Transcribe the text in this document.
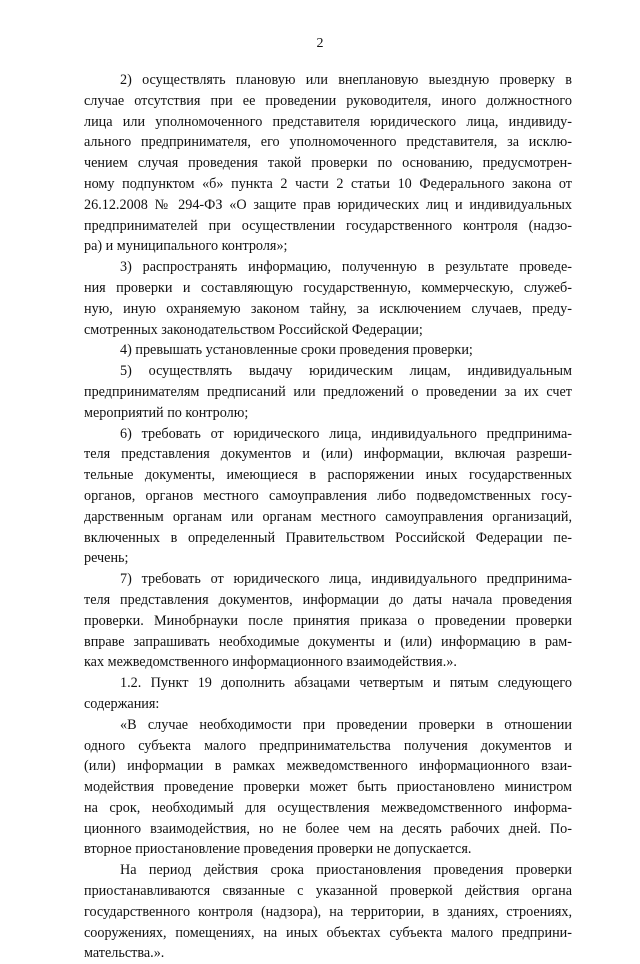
2
2) осуществлять плановую или внеплановую выездную проверку в
случае отсутствия при ее проведении руководителя, иного должностного
лица или уполномоченного представителя юридического лица, индивиду-
ального предпринимателя, его уполномоченного представителя, за исклю-
чением случая проведения такой проверки по основанию, предусмотрен-
ному подпунктом «б» пункта 2 части 2 статьи 10 Федерального закона от
26.12.2008 № 294-ФЗ «О защите прав юридических лиц и индивидуальных
предпринимателей при осуществлении государственного контроля (надзо-
ра) и муниципального контроля»;
3) распространять информацию, полученную в результате проведе-
ния проверки и составляющую государственную, коммерческую, служеб-
ную, иную охраняемую законом тайну, за исключением случаев, преду-
смотренных законодательством Российской Федерации;
4) превышать установленные сроки проведения проверки;
5) осуществлять выдачу юридическим лицам, индивидуальным
предпринимателям предписаний или предложений о проведении за их счет
мероприятий по контролю;
6) требовать от юридического лица, индивидуального предпринима-
теля представления документов и (или) информации, включая разреши-
тельные документы, имеющиеся в распоряжении иных государственных
органов, органов местного самоуправления либо подведомственных госу-
дарственным органам или органам местного самоуправления организаций,
включенных в определенный Правительством Российской Федерации пе-
речень;
7) требовать от юридического лица, индивидуального предпринима-
теля представления документов, информации до даты начала проведения
проверки. Минобрнауки после принятия приказа о проведении проверки
вправе запрашивать необходимые документы и (или) информацию в рам-
ках межведомственного информационного взаимодействия.».
1.2. Пункт 19 дополнить абзацами четвертым и пятым следующего
содержания:
«В случае необходимости при проведении проверки в отношении
одного субъекта малого предпринимательства получения документов и
(или) информации в рамках межведомственного информационного взаи-
модействия проведение проверки может быть приостановлено министром
на срок, необходимый для осуществления межведомственного информа-
ционного взаимодействия, но не более чем на десять рабочих дней. По-
вторное приостановление проведения проверки не допускается.
На период действия срока приостановления проведения проверки
приостанавливаются связанные с указанной проверкой действия органа
государственного контроля (надзора), на территории, в зданиях, строениях,
сооружениях, помещениях, на иных объектах субъекта малого предприни-
мательства.».
